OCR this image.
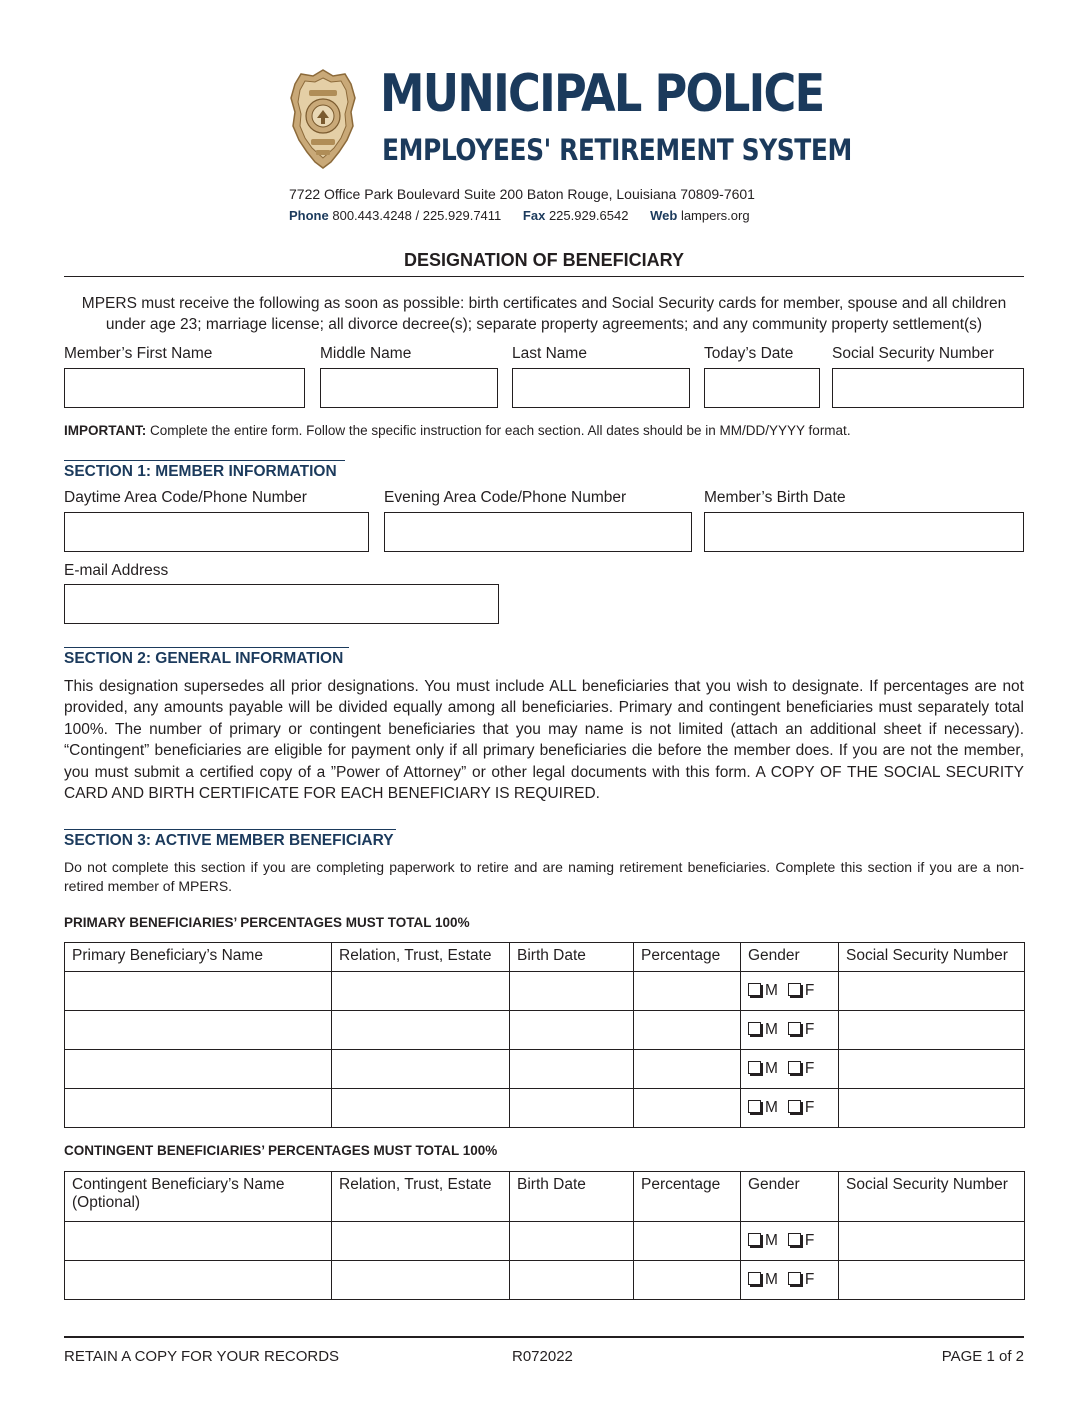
MUNICIPAL POLICE
EMPLOYEES' RETIREMENT SYSTEM
7722 Office Park Boulevard Suite 200 Baton Rouge, Louisiana 70809-7601
Phone 800.443.4248 / 225.929.7411 Fax 225.929.6542 Web lampers.org
DESIGNATION OF BENEFICIARY
MPERS must receive the following as soon as possible: birth certificates and Social Security cards for member, spouse and all children under age 23; marriage license; all divorce decree(s); separate property agreements; and any community property settlement(s)
Member’s First Name	Middle Name	Last Name	Today’s Date Social Security Number
IMPORTANT: Complete the entire form. Follow the specific instruction for each section. All dates should be in MM/DD/YYYY format.
SECTION 1: MEMBER INFORMATION
Daytime Area Code/Phone Number	Evening Area Code/Phone Number	Member’s Birth Date
E-mail Address
SECTION 2: GENERAL INFORMATION
This designation supersedes all prior designations. You must include ALL beneficiaries that you wish to designate. If percentages are not provided, any amounts payable will be divided equally among all beneficiaries. Primary and contingent beneficiaries must separately total 100%. The number of primary or contingent beneficiaries that you may name is not limited (attach an additional sheet if necessary). “Contingent” beneficiaries are eligible for payment only if all primary beneficiaries die before the member does. If you are not the member, you must submit a certified copy of a ”Power of Attorney” or other legal documents with this form. A COPY OF THE SOCIAL SECURITY CARD AND BIRTH CERTIFICATE FOR EACH BENEFICIARY IS REQUIRED.
SECTION 3: ACTIVE MEMBER BENEFICIARY
Do not complete this section if you are completing paperwork to retire and are naming retirement beneficiaries. Complete this section if you are a non-retired member of MPERS.
PRIMARY BENEFICIARIES’ PERCENTAGES MUST TOTAL 100%
Primary Beneficiary’s Name	Relation, Trust, Estate	Birth Date	Percentage	Gender	Social Security Number
				M F	
				M F	
				M F	
				M F	
CONTINGENT BENEFICIARIES’ PERCENTAGES MUST TOTAL 100%
Contingent Beneficiary’s Name (Optional)	Relation, Trust, Estate	Birth Date	Percentage	Gender	Social Security Number
				M F	
				M F	
RETAIN A COPY FOR YOUR RECORDS	R072022	PAGE 1 of 2
